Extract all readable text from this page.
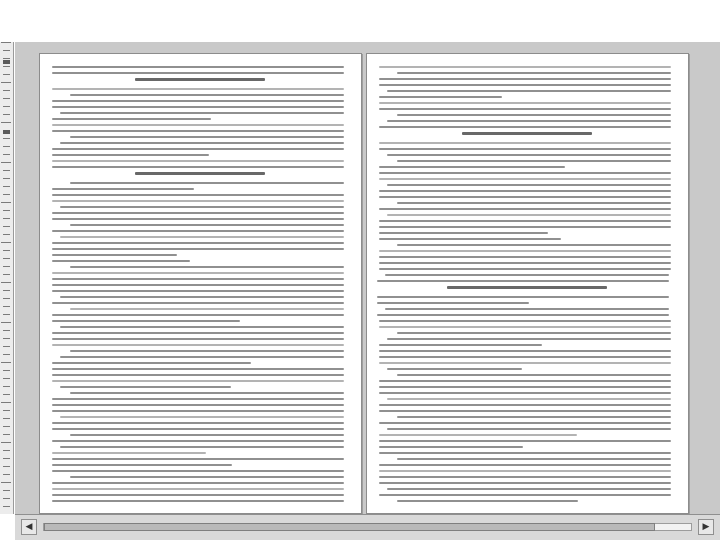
◀	▶
